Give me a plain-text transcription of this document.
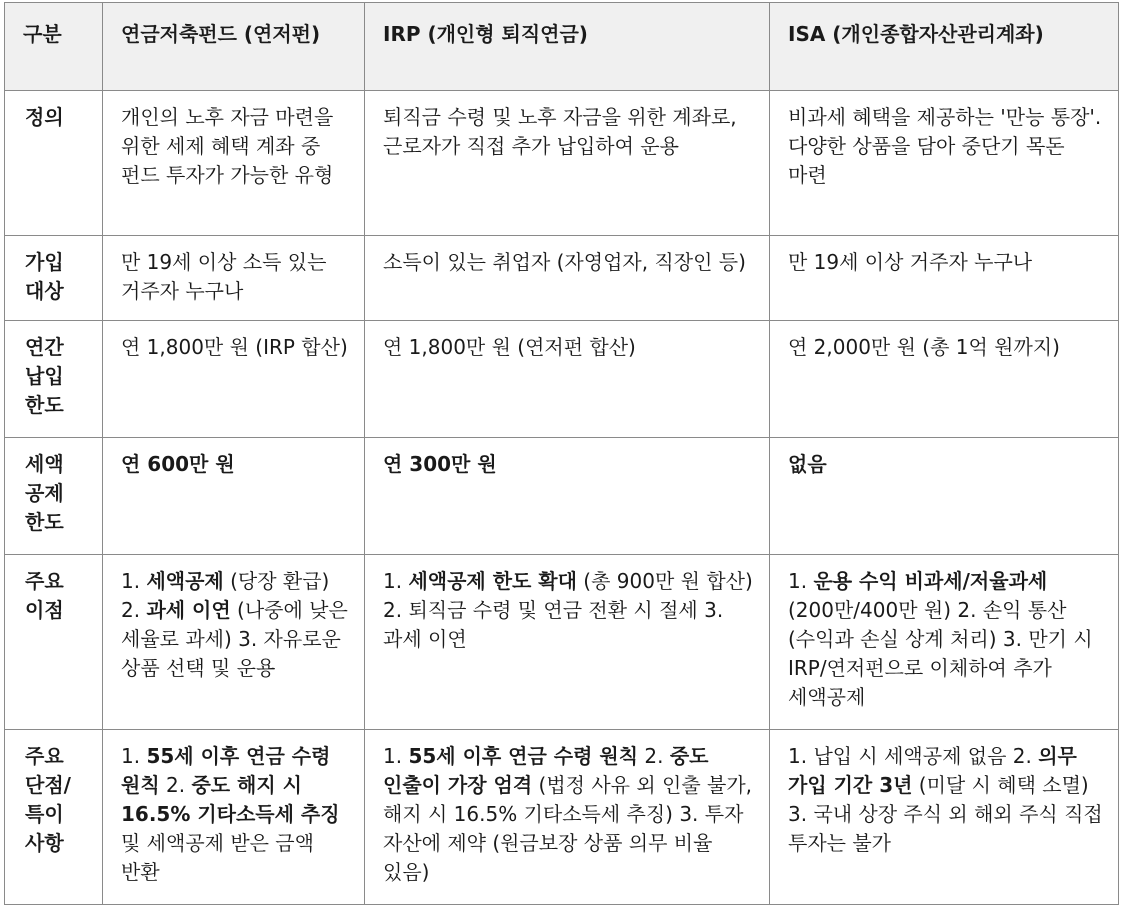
구분	연금저축펀드 (연저펀)	IRP (개인형 퇴직연금)	ISA (개인종합자산관리계좌)
정의	개인의 노후 자금 마련을 위한 세제 혜택 계좌 중 펀드 투자가 가능한 유형	퇴직금 수령 및 노후 자금을 위한 계좌로, 근로자가 직접 추가 납입하여 운용	비과세 혜택을 제공하는 '만능 통장'. 다양한 상품을 담아 중단기 목돈 마련
가입 대상	만 19세 이상 소득 있는 거주자 누구나	소득이 있는 취업자 (자영업자, 직장인 등)	만 19세 이상 거주자 누구나
연간 납입 한도	연 1,800만 원 (IRP 합산)	연 1,800만 원 (연저펀 합산)	연 2,000만 원 (총 1억 원까지)
세액 공제 한도	연 600만 원	연 300만 원	없음
주요 이점	1. 세액공제 (당장 환급) 2. 과세 이연 (나중에 낮은 세율로 과세) 3. 자유로운 상품 선택 및 운용	1. 세액공제 한도 확대 (총 900만 원 합산) 2. 퇴직금 수령 및 연금 전환 시 절세 3. 과세 이연	1. 운용 수익 비과세/저율과세 (200만/400만 원) 2. 손익 통산 (수익과 손실 상계 처리) 3. 만기 시 IRP/연저펀으로 이체하여 추가 세액공제
주요 단점/ 특이 사항	1. 55세 이후 연금 수령 원칙 2. 중도 해지 시 16.5% 기타소득세 추징 및 세액공제 받은 금액 반환	1. 55세 이후 연금 수령 원칙 2. 중도 인출이 가장 엄격 (법정 사유 외 인출 불가, 해지 시 16.5% 기타소득세 추징) 3. 투자 자산에 제약 (원금보장 상품 의무 비율 있음)	1. 납입 시 세액공제 없음 2. 의무 가입 기간 3년 (미달 시 혜택 소멸) 3. 국내 상장 주식 외 해외 주식 직접 투자는 불가
